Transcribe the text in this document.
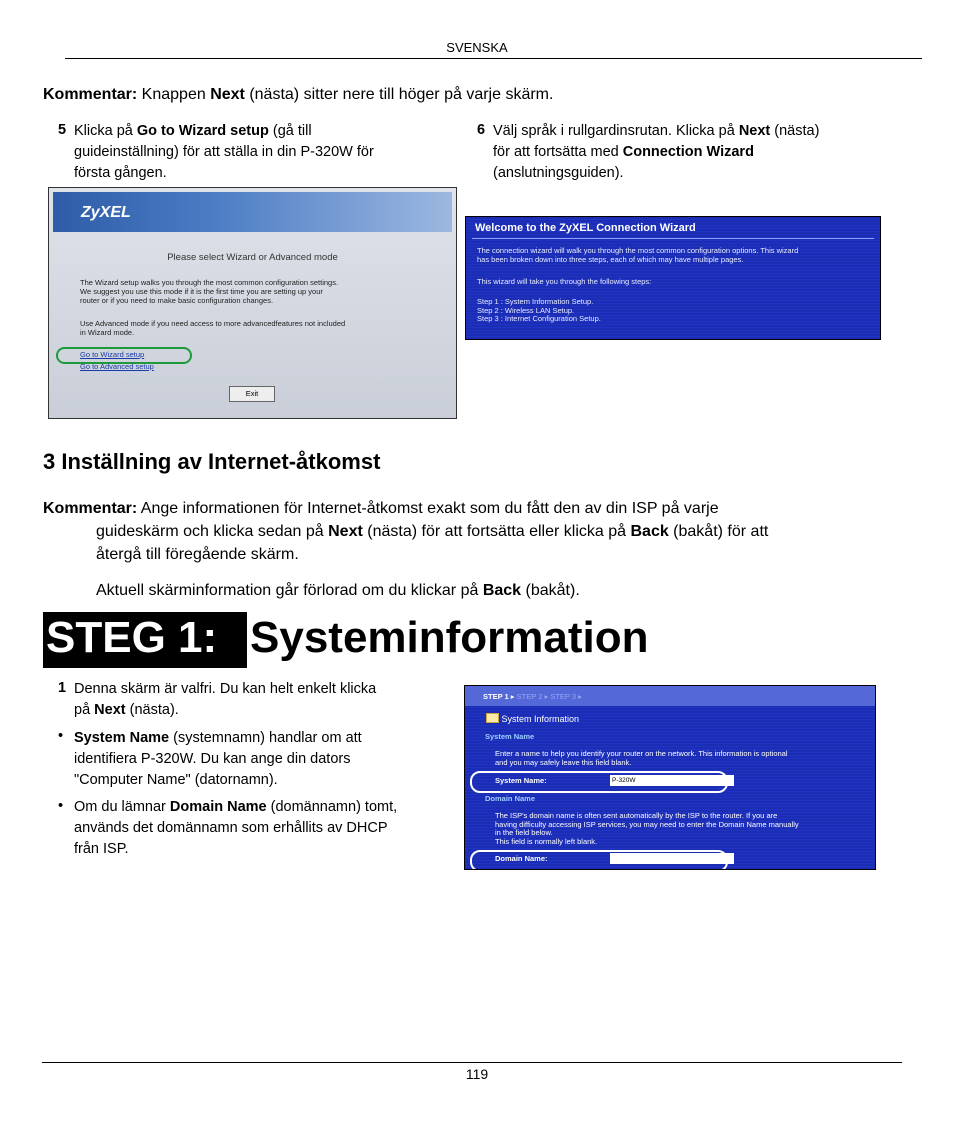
SVENSKA
Kommentar: Knappen Next (nästa) sitter nere till höger på varje skärm.
5 Klicka på Go to Wizard setup (gå till
guideinställning) för att ställa in din P-320W för
första gången.
6 Välj språk i rullgardinsrutan. Klicka på Next (nästa)
för att fortsätta med Connection Wizard
(anslutningsguiden).
ZyXEL
Please select Wizard or Advanced mode
The Wizard setup walks you through the most common configuration settings.
We suggest you use this mode if it is the first time you are setting up your
router or if you need to make basic configuration changes.
Use Advanced mode if you need access to more advancedfeatures not included
in Wizard mode.
Go to Wizard setup
Go to Advanced setup
Exit
Welcome to the ZyXEL Connection Wizard
The connection wizard will walk you through the most common configuration options. This wizard
has been broken down into three steps, each of which may have multiple pages.
This wizard will take you through the following steps:
Step 1 : System Information Setup.
Step 2 : Wireless LAN Setup.
Step 3 : Internet Configuration Setup.
3 Inställning av Internet-åtkomst
Kommentar: Ange informationen för Internet-åtkomst exakt som du fått den av din ISP på varje
guideskärm och klicka sedan på Next (nästa) för att fortsätta eller klicka på Back (bakåt) för att
återgå till föregående skärm.
Aktuell skärminformation går förlorad om du klickar på Back (bakåt).
STEG 1: Systeminformation
1 Denna skärm är valfri. Du kan helt enkelt klicka
på Next (nästa).
• System Name (systemnamn) handlar om att
identifiera P-320W. Du kan ange din dators
"Computer Name" (datornamn).
• Om du lämnar Domain Name (domännamn) tomt,
används det domännamn som erhållits av DHCP
från ISP.
STEP 1 ▸ STEP 2 ▸ STEP 3 ▸
System Information
System Name
Enter a name to help you identify your router on the network. This information is optional
and you may safely leave this field blank.
System Name:	P-320W
Domain Name
The ISP's domain name is often sent automatically by the ISP to the router. If you are
having difficulty accessing ISP services, you may need to enter the Domain Name manually
in the field below.
This field is normally left blank.
Domain Name:
119
